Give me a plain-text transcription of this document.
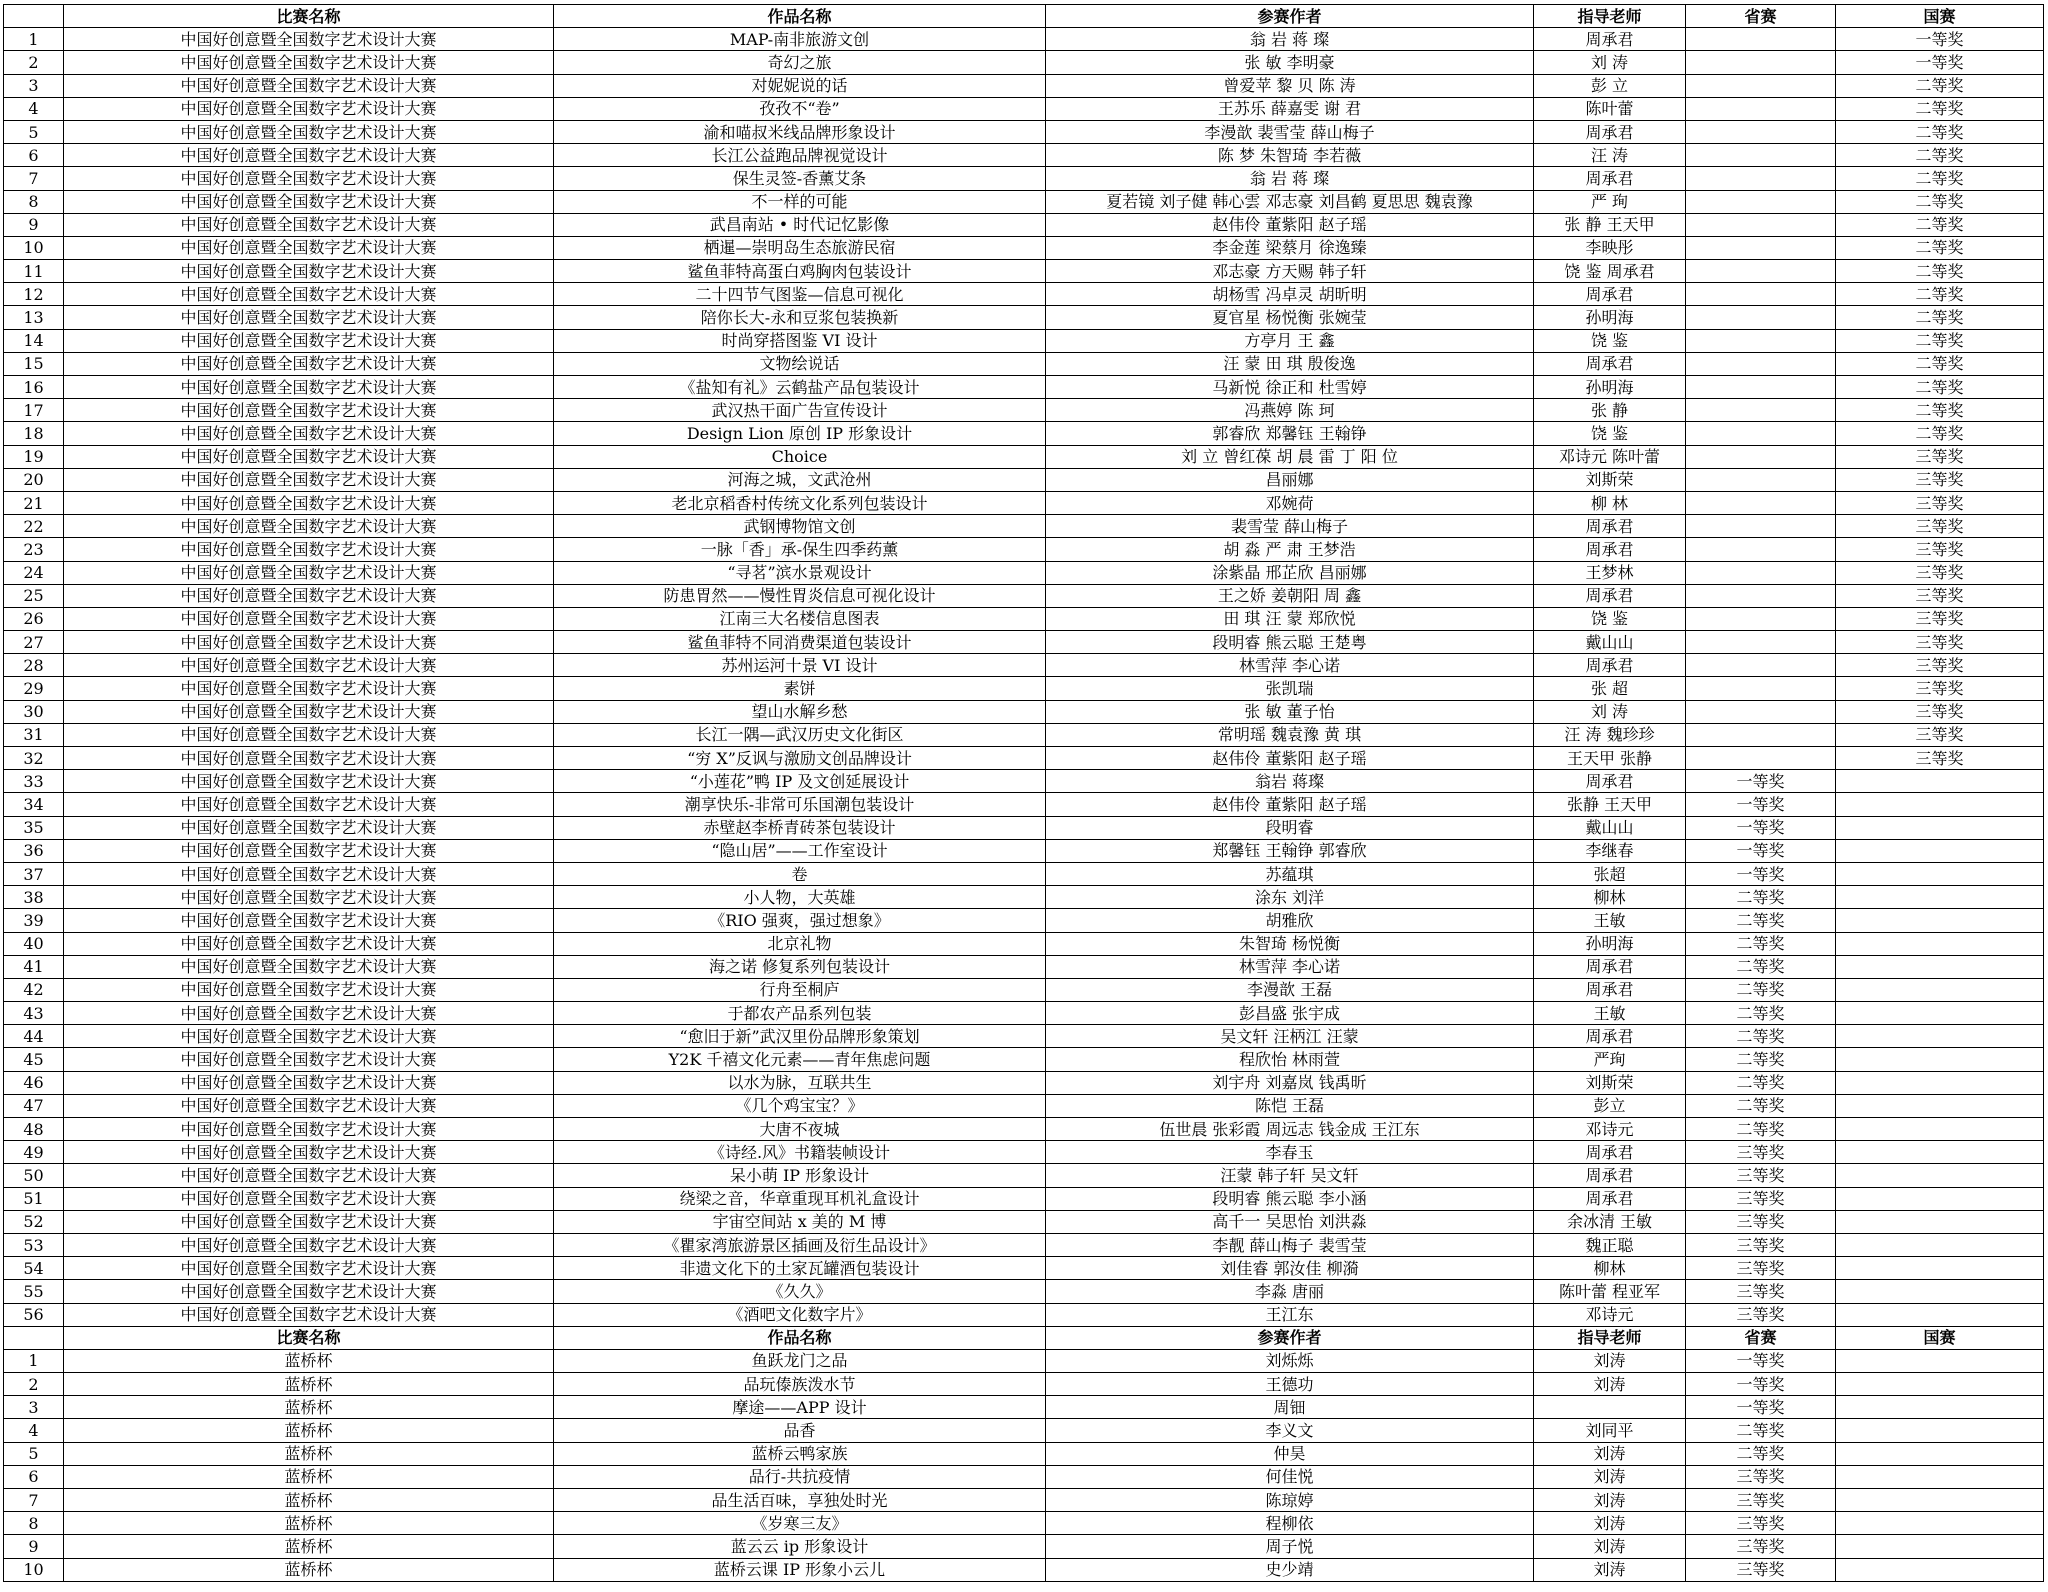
	比赛名称	作品名称	参赛作者	指导老师	省赛	国赛
1	中国好创意暨全国数字艺术设计大赛	MAP-南非旅游文创	翁 岩 蒋 璨	周承君		一等奖
2	中国好创意暨全国数字艺术设计大赛	奇幻之旅	张 敏 李明豪	刘 涛		一等奖
3	中国好创意暨全国数字艺术设计大赛	对妮妮说的话	曾爱苹 黎 贝 陈 涛	彭 立		二等奖
4	中国好创意暨全国数字艺术设计大赛	孜孜不“卷”	王苏乐 薛嘉雯 谢 君	陈叶蕾		二等奖
5	中国好创意暨全国数字艺术设计大赛	渝和喵叔米线品牌形象设计	李漫歆 裴雪莹 薛山梅子	周承君		二等奖
6	中国好创意暨全国数字艺术设计大赛	长江公益跑品牌视觉设计	陈 梦 朱智琦 李若薇	汪 涛		二等奖
7	中国好创意暨全国数字艺术设计大赛	保生灵签-香薰艾条	翁 岩 蒋 璨	周承君		二等奖
8	中国好创意暨全国数字艺术设计大赛	不一样的可能	夏若镜 刘子健 韩心雲 邓志豪 刘昌鹤 夏思思 魏袁豫	严 珣		二等奖
9	中国好创意暨全国数字艺术设计大赛	武昌南站 • 时代记忆影像	赵伟伶 董紫阳 赵子瑶	张 静 王天甲		二等奖
10	中国好创意暨全国数字艺术设计大赛	栖暹—崇明岛生态旅游民宿	李金莲 梁蔡月 徐逸臻	李映彤		二等奖
11	中国好创意暨全国数字艺术设计大赛	鲨鱼菲特高蛋白鸡胸肉包装设计	邓志豪 方天赐 韩子轩	饶 鉴 周承君		二等奖
12	中国好创意暨全国数字艺术设计大赛	二十四节气图鉴—信息可视化	胡杨雪 冯卓灵 胡昕明	周承君		二等奖
13	中国好创意暨全国数字艺术设计大赛	陪你长大-永和豆浆包装换新	夏官星 杨悦衡 张婉莹	孙明海		二等奖
14	中国好创意暨全国数字艺术设计大赛	时尚穿搭图鉴 VI 设计	方亭月 王 鑫	饶 鉴		二等奖
15	中国好创意暨全国数字艺术设计大赛	文物绘说话	汪 蒙 田 琪 殷俊逸	周承君		二等奖
16	中国好创意暨全国数字艺术设计大赛	《盐知有礼》云鹤盐产品包装设计	马新悦 徐正和 杜雪婷	孙明海		二等奖
17	中国好创意暨全国数字艺术设计大赛	武汉热干面广告宣传设计	冯燕婷 陈 珂	张 静		二等奖
18	中国好创意暨全国数字艺术设计大赛	Design Lion 原创 IP 形象设计	郭睿欣 郑馨钰 王翰铮	饶 鉴		二等奖
19	中国好创意暨全国数字艺术设计大赛	Choice	刘 立 曾红葆 胡 晨 雷 丁 阳 位	邓诗元 陈叶蕾		三等奖
20	中国好创意暨全国数字艺术设计大赛	河海之城，文武沧州	昌丽娜	刘斯荣		三等奖
21	中国好创意暨全国数字艺术设计大赛	老北京稻香村传统文化系列包装设计	邓婉荷	柳 林		三等奖
22	中国好创意暨全国数字艺术设计大赛	武钢博物馆文创	裴雪莹 薛山梅子	周承君		三等奖
23	中国好创意暨全国数字艺术设计大赛	一脉「香」承-保生四季药薰	胡 淼 严 肃 王梦浩	周承君		三等奖
24	中国好创意暨全国数字艺术设计大赛	“寻茗”滨水景观设计	涂紫晶 邢芷欣 昌丽娜	王梦林		三等奖
25	中国好创意暨全国数字艺术设计大赛	防患胃然——慢性胃炎信息可视化设计	王之娇 姜朝阳 周 鑫	周承君		三等奖
26	中国好创意暨全国数字艺术设计大赛	江南三大名楼信息图表	田 琪 汪 蒙 郑欣悦	饶 鉴		三等奖
27	中国好创意暨全国数字艺术设计大赛	鲨鱼菲特不同消费渠道包装设计	段明睿 熊云聪 王楚粤	戴山山		三等奖
28	中国好创意暨全国数字艺术设计大赛	苏州运河十景 VI 设计	林雪萍 李心诺	周承君		三等奖
29	中国好创意暨全国数字艺术设计大赛	素饼	张凯瑞	张 超		三等奖
30	中国好创意暨全国数字艺术设计大赛	望山水解乡愁	张 敏 董子怡	刘 涛		三等奖
31	中国好创意暨全国数字艺术设计大赛	长江一隅—武汉历史文化街区	常明瑶 魏袁豫 黄 琪	汪 涛 魏珍珍		三等奖
32	中国好创意暨全国数字艺术设计大赛	“穷 X”反讽与激励文创品牌设计	赵伟伶 董紫阳 赵子瑶	王天甲 张静		三等奖
33	中国好创意暨全国数字艺术设计大赛	“小莲花”鸭 IP 及文创延展设计	翁岩 蒋璨	周承君	一等奖	
34	中国好创意暨全国数字艺术设计大赛	潮享快乐-非常可乐国潮包装设计	赵伟伶 董紫阳 赵子瑶	张静 王天甲	一等奖	
35	中国好创意暨全国数字艺术设计大赛	赤壁赵李桥青砖茶包装设计	段明睿	戴山山	一等奖	
36	中国好创意暨全国数字艺术设计大赛	“隐山居”——工作室设计	郑馨钰 王翰铮 郭睿欣	李继春	一等奖	
37	中国好创意暨全国数字艺术设计大赛	卷	苏蕴琪	张超	一等奖	
38	中国好创意暨全国数字艺术设计大赛	小人物，大英雄	涂东 刘洋	柳林	二等奖	
39	中国好创意暨全国数字艺术设计大赛	《RIO 强爽，强过想象》	胡雅欣	王敏	二等奖	
40	中国好创意暨全国数字艺术设计大赛	北京礼物	朱智琦 杨悦衡	孙明海	二等奖	
41	中国好创意暨全国数字艺术设计大赛	海之诺 修复系列包装设计	林雪萍 李心诺	周承君	二等奖	
42	中国好创意暨全国数字艺术设计大赛	行舟至桐庐	李漫歆 王磊	周承君	二等奖	
43	中国好创意暨全国数字艺术设计大赛	于都农产品系列包装	彭昌盛 张宇成	王敏	二等奖	
44	中国好创意暨全国数字艺术设计大赛	“愈旧于新”武汉里份品牌形象策划	吴文轩 汪柄江 汪蒙	周承君	二等奖	
45	中国好创意暨全国数字艺术设计大赛	Y2K 千禧文化元素——青年焦虑问题	程欣怡 林雨萱	严珣	二等奖	
46	中国好创意暨全国数字艺术设计大赛	以水为脉，互联共生	刘宇舟 刘嘉岚 钱禹昕	刘斯荣	二等奖	
47	中国好创意暨全国数字艺术设计大赛	《几个鸡宝宝？》	陈恺 王磊	彭立	二等奖	
48	中国好创意暨全国数字艺术设计大赛	大唐不夜城	伍世晨 张彩霞 周远志 钱金成 王江东	邓诗元	二等奖	
49	中国好创意暨全国数字艺术设计大赛	《诗经.风》书籍装帧设计	李春玉	周承君	三等奖	
50	中国好创意暨全国数字艺术设计大赛	呆小萌 IP 形象设计	汪蒙 韩子轩 吴文轩	周承君	三等奖	
51	中国好创意暨全国数字艺术设计大赛	绕梁之音，华章重现耳机礼盒设计	段明睿 熊云聪 李小涵	周承君	三等奖	
52	中国好创意暨全国数字艺术设计大赛	宇宙空间站 x 美的 M 博	高千一 吴思怡 刘洪淼	余冰清 王敏	三等奖	
53	中国好创意暨全国数字艺术设计大赛	《瞿家湾旅游景区插画及衍生品设计》	李靓 薛山梅子 裴雪莹	魏正聪	三等奖	
54	中国好创意暨全国数字艺术设计大赛	非遗文化下的土家瓦罐酒包装设计	刘佳睿 郭汝佳 柳漪	柳林	三等奖	
55	中国好创意暨全国数字艺术设计大赛	《久久》	李淼 唐丽	陈叶蕾 程亚军	三等奖	
56	中国好创意暨全国数字艺术设计大赛	《酒吧文化数字片》	王江东	邓诗元	三等奖	
	比赛名称	作品名称	参赛作者	指导老师	省赛	国赛
1	蓝桥杯	鱼跃龙门之品	刘烁烁	刘涛	一等奖	
2	蓝桥杯	品玩傣族泼水节	王德功	刘涛	一等奖	
3	蓝桥杯	摩途——APP 设计	周钿		一等奖	
4	蓝桥杯	品香	李义文	刘同平	二等奖	
5	蓝桥杯	蓝桥云鸭家族	仲昊	刘涛	二等奖	
6	蓝桥杯	品行-共抗疫情	何佳悦	刘涛	三等奖	
7	蓝桥杯	品生活百味，享独处时光	陈琼婷	刘涛	三等奖	
8	蓝桥杯	《岁寒三友》	程柳依	刘涛	三等奖	
9	蓝桥杯	蓝云云 ip 形象设计	周子悦	刘涛	三等奖	
10	蓝桥杯	蓝桥云课 IP 形象小云儿	史少靖	刘涛	三等奖	
